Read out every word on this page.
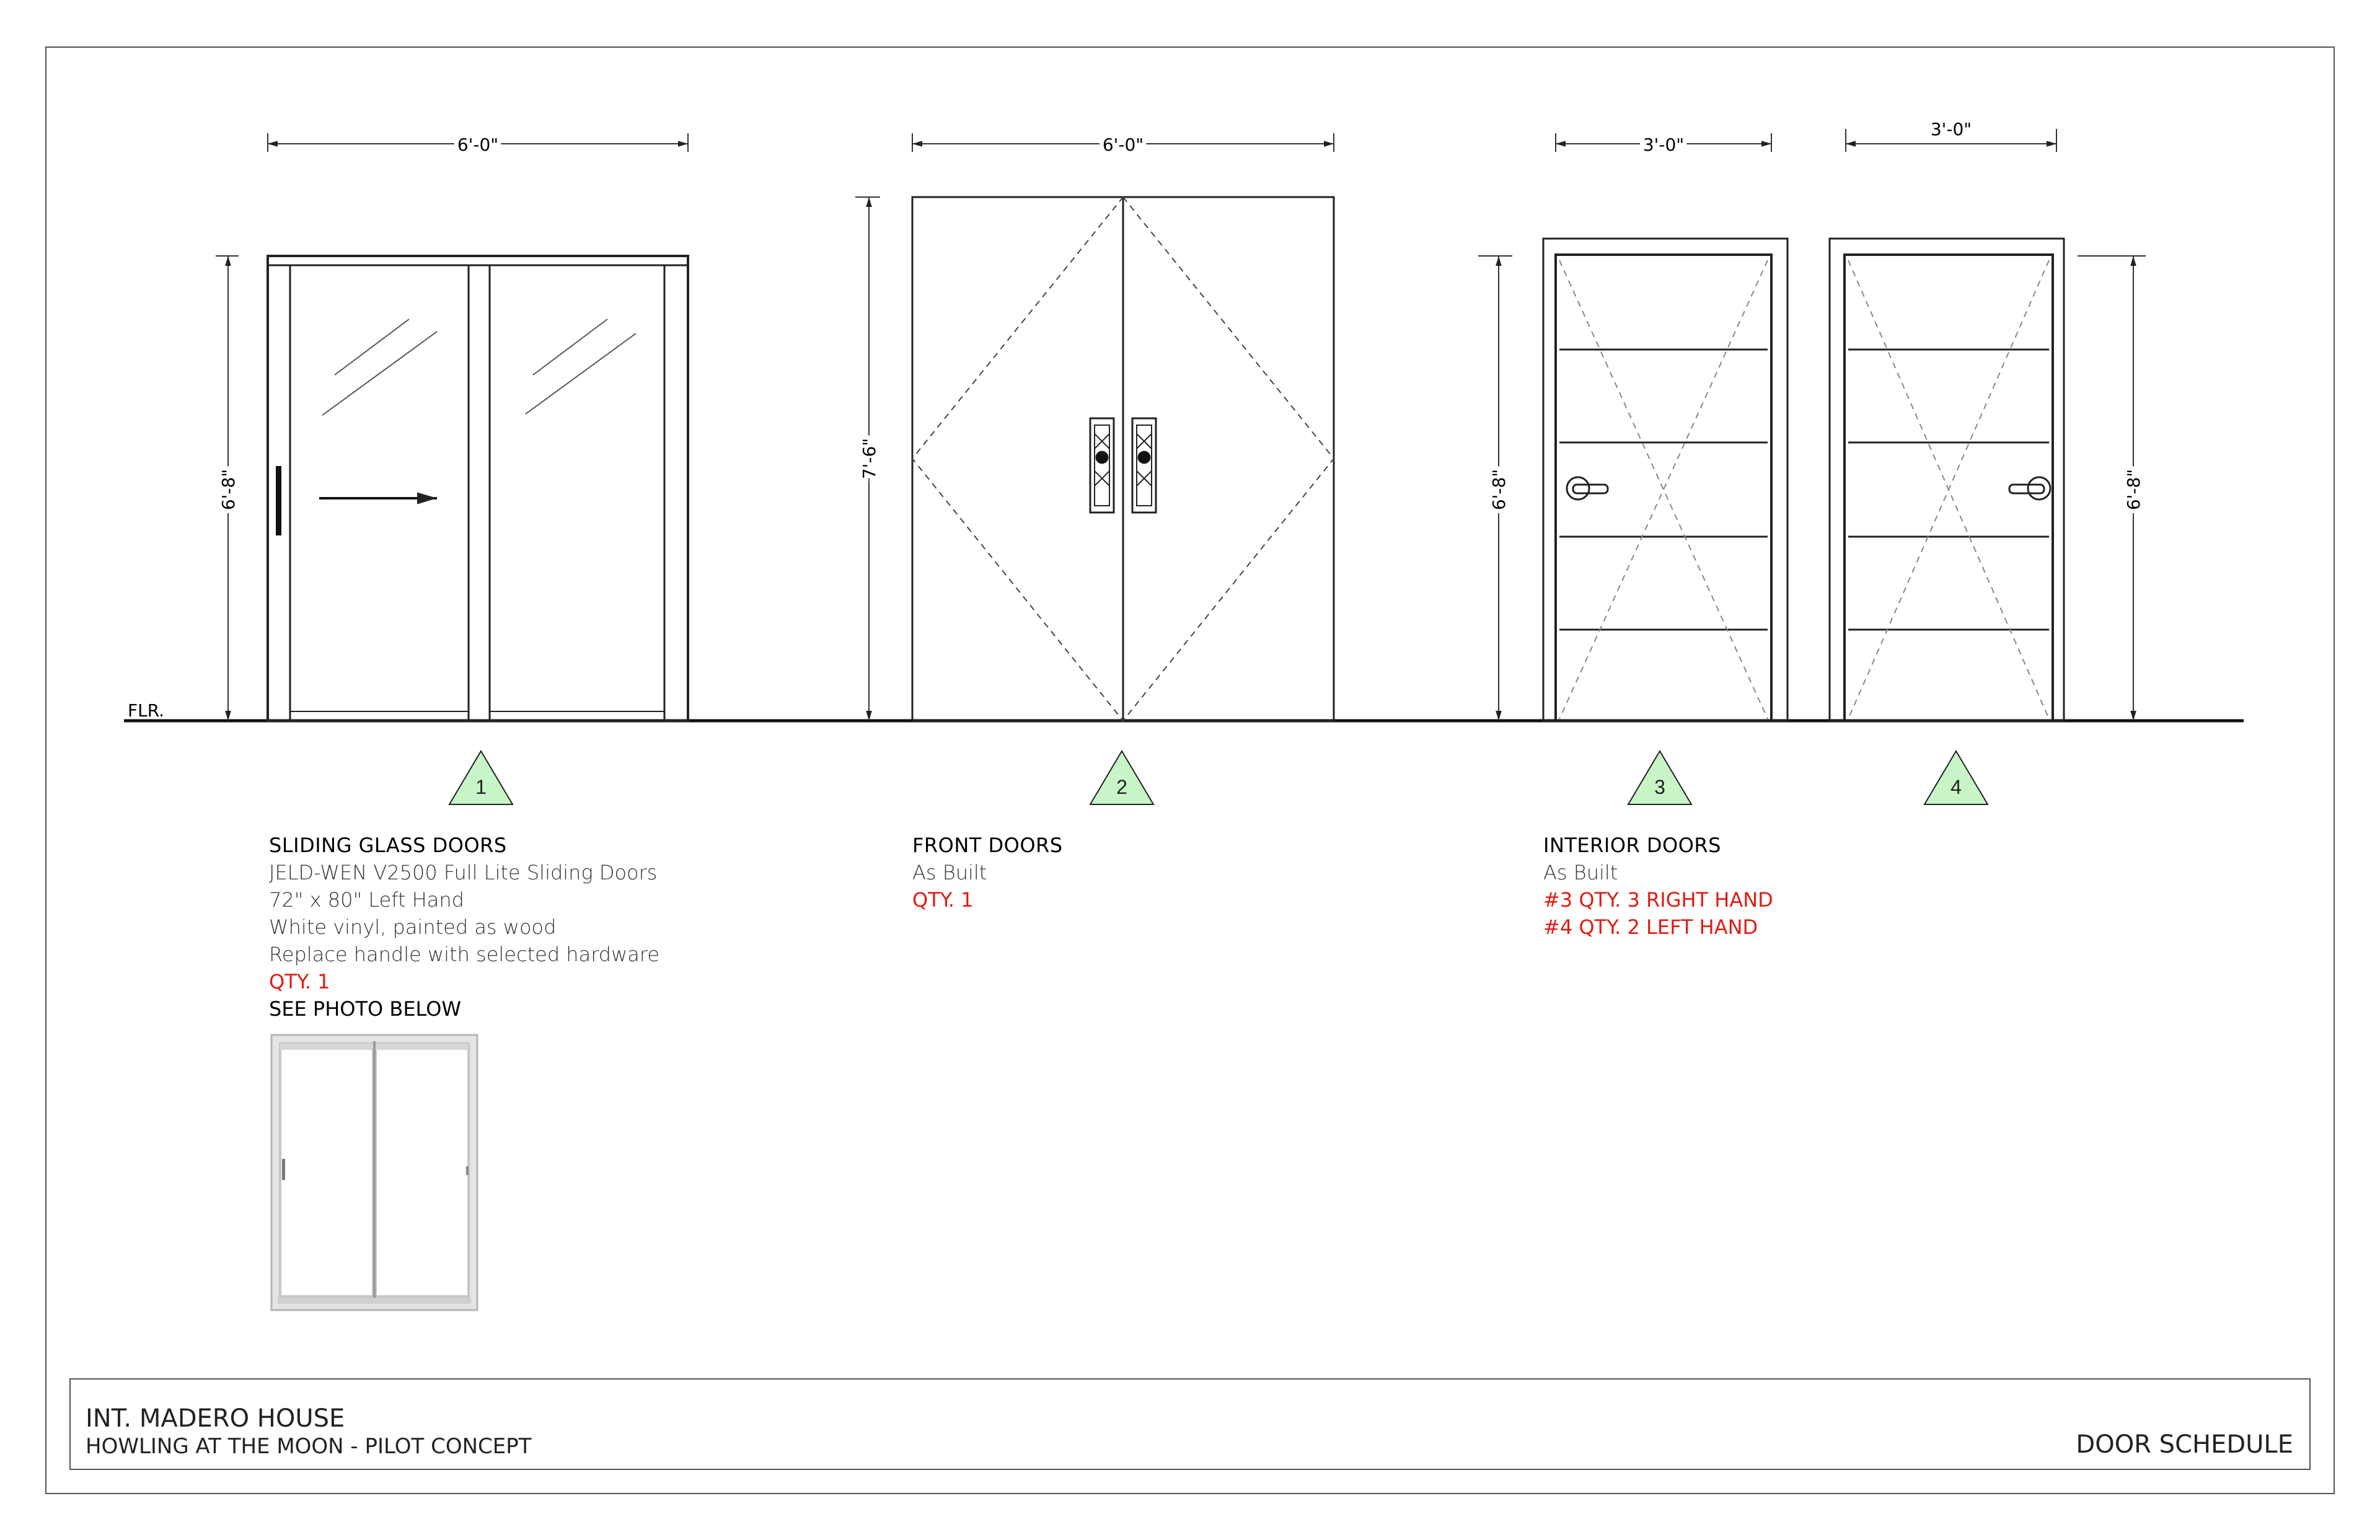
FLR.
6'-0"
6'-8"
6'-0"
7'-6"
3'-0"
6'-8"
3'-0"
6'-8"
1	2	3	4
SLIDING GLASS DOORS
JELD-WEN V2500 Full Lite Sliding Doors
72" x 80" Left Hand
White vinyl, painted as wood
Replace handle with selected hardware
QTY. 1
SEE PHOTO BELOW
FRONT DOORS
As Built
QTY. 1
INTERIOR DOORS
As Built
#3 QTY. 3 RIGHT HAND
#4 QTY. 2 LEFT HAND
INT. MADERO HOUSE
HOWLING AT THE MOON - PILOT CONCEPT	DOOR SCHEDULE
